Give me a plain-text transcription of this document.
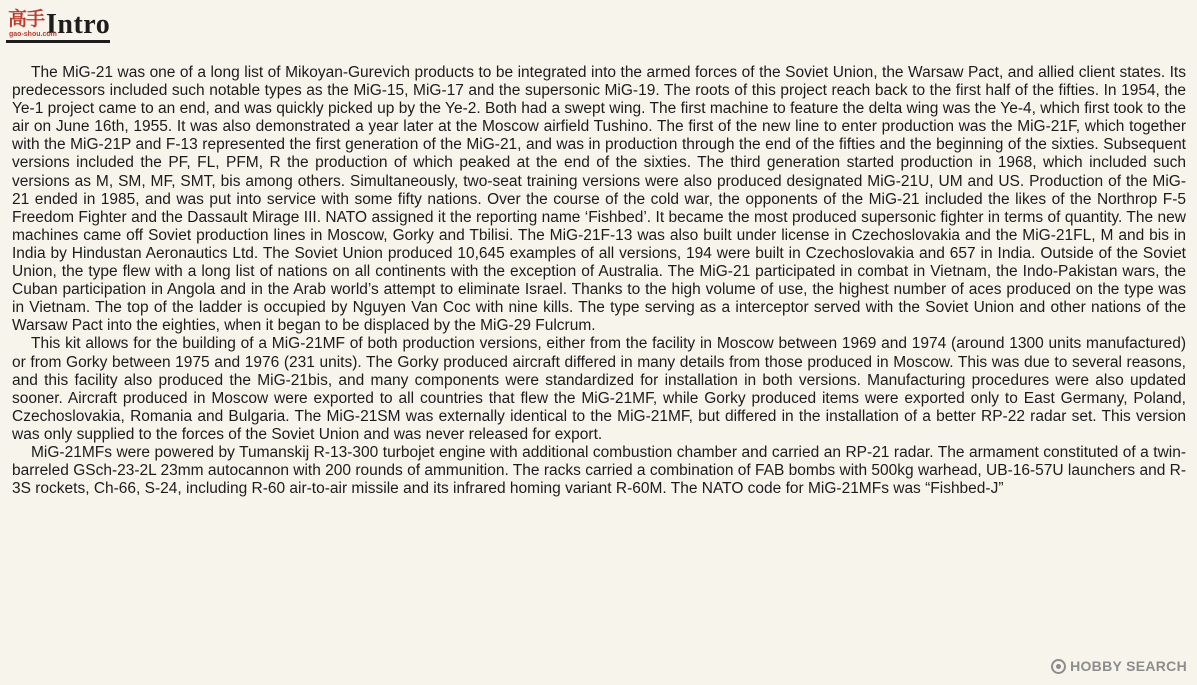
高手
gao-shou.com
Intro

The MiG-21 was one of a long list of Mikoyan-Gurevich products to be integrated into the armed forces of the Soviet Union, the Warsaw Pact, and allied client states. Its predecessors included such notable types as the MiG-15, MiG-17 and the supersonic MiG-19. The roots of this project reach back to the first half of the fifties. In 1954, the Ye-1 project came to an end, and was quickly picked up by the Ye-2. Both had a swept wing. The first machine to feature the delta wing was the Ye-4, which first took to the air on June 16th, 1955. It was also demonstrated a year later at the Moscow airfield Tushino. The first of the new line to enter production was the MiG-21F, which together with the MiG-21P and F-13 represented the first generation of the MiG-21, and was in production through the end of the fifties and the beginning of the sixties. Subsequent versions included the PF, FL, PFM, R the production of which peaked at the end of the sixties. The third generation started production in 1968, which included such versions as M, SM, MF, SMT, bis among others. Simultaneously, two-seat training versions were also produced designated MiG-21U, UM and US. Production of the MiG-21 ended in 1985, and was put into service with some fifty nations. Over the course of the cold war, the opponents of the MiG-21 included the likes of the Northrop F-5 Freedom Fighter and the Dassault Mirage III. NATO assigned it the reporting name ‘Fishbed’. It became the most produced supersonic fighter in terms of quantity. The new machines came off Soviet production lines in Moscow, Gorky and Tbilisi. The MiG-21F-13 was also built under license in Czechoslovakia and the MiG-21FL, M and bis in India by Hindustan Aeronautics Ltd. The Soviet Union produced 10,645 examples of all versions, 194 were built in Czechoslovakia and 657 in India. Outside of the Soviet Union, the type flew with a long list of nations on all continents with the exception of Australia. The MiG-21 participated in combat in Vietnam, the Indo-Pakistan wars, the Cuban participation in Angola and in the Arab world’s attempt to eliminate Israel. Thanks to the high volume of use, the highest number of aces produced on the type was in Vietnam. The top of the ladder is occupied by Nguyen Van Coc with nine kills. The type serving as a interceptor served with the Soviet Union and other nations of the Warsaw Pact into the eighties, when it began to be displaced by the MiG-29 Fulcrum.

This kit allows for the building of a MiG-21MF of both production versions, either from the facility in Moscow between 1969 and 1974 (around 1300 units manufactured) or from Gorky between 1975 and 1976 (231 units). The Gorky produced aircraft differed in many details from those produced in Moscow. This was due to several reasons, and this facility also produced the MiG-21bis, and many components were standardized for installation in both versions. Manufacturing procedures were also updated sooner. Aircraft produced in Moscow were exported to all countries that flew the MiG-21MF, while Gorky produced items were exported only to East Germany, Poland, Czechoslovakia, Romania and Bulgaria. The MiG-21SM was externally identical to the MiG-21MF, but differed in the installation of a better RP-22 radar set. This version was only supplied to the forces of the Soviet Union and was never released for export.

MiG-21MFs were powered by Tumanskij R-13-300 turbojet engine with additional combustion chamber and carried an RP-21 radar. The armament constituted of a twin-barreled GSch-23-2L 23mm autocannon with 200 rounds of ammunition. The racks carried a combination of FAB bombs with 500kg warhead, UB-16-57U launchers and R-3S rockets, Ch-66, S-24, including R-60 air-to-air missile and its infrared homing variant R-60M. The NATO code for MiG-21MFs was “Fishbed-J”

HOBBY SEARCH
